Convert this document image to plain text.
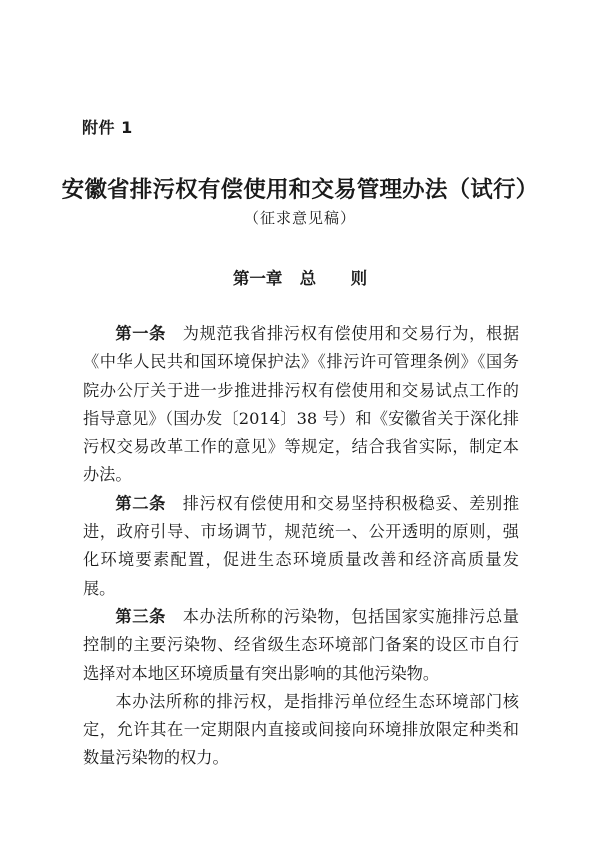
附件 1
安徽省排污权有偿使用和交易管理办法（试行）
（征求意见稿）
第一章   总      则

第一条　 为规范我省排污权有偿使用和交易行为，根据《中华人民共和国环境保护法》《排污许可管理条例》《国务院办公厅关于进一步推进排污权有偿使用和交易试点工作的指导意见》（国办发〔2014〕38 号）和《安徽省关于深化排污权交易改革工作的意见》等规定，结合我省实际，制定本办法。

第二条　 排污权有偿使用和交易坚持积极稳妥、差别推进，政府引导、市场调节，规范统一、公开透明的原则，强化环境要素配置，促进生态环境质量改善和经济高质量发展。

第三条　 本办法所称的污染物，包括国家实施排污总量控制的主要污染物、经省级生态环境部门备案的设区市自行选择对本地区环境质量有突出影响的其他污染物。

本办法所称的排污权，是指排污单位经生态环境部门核定，允许其在一定期限内直接或间接向环境排放限定种类和数量污染物的权力。
